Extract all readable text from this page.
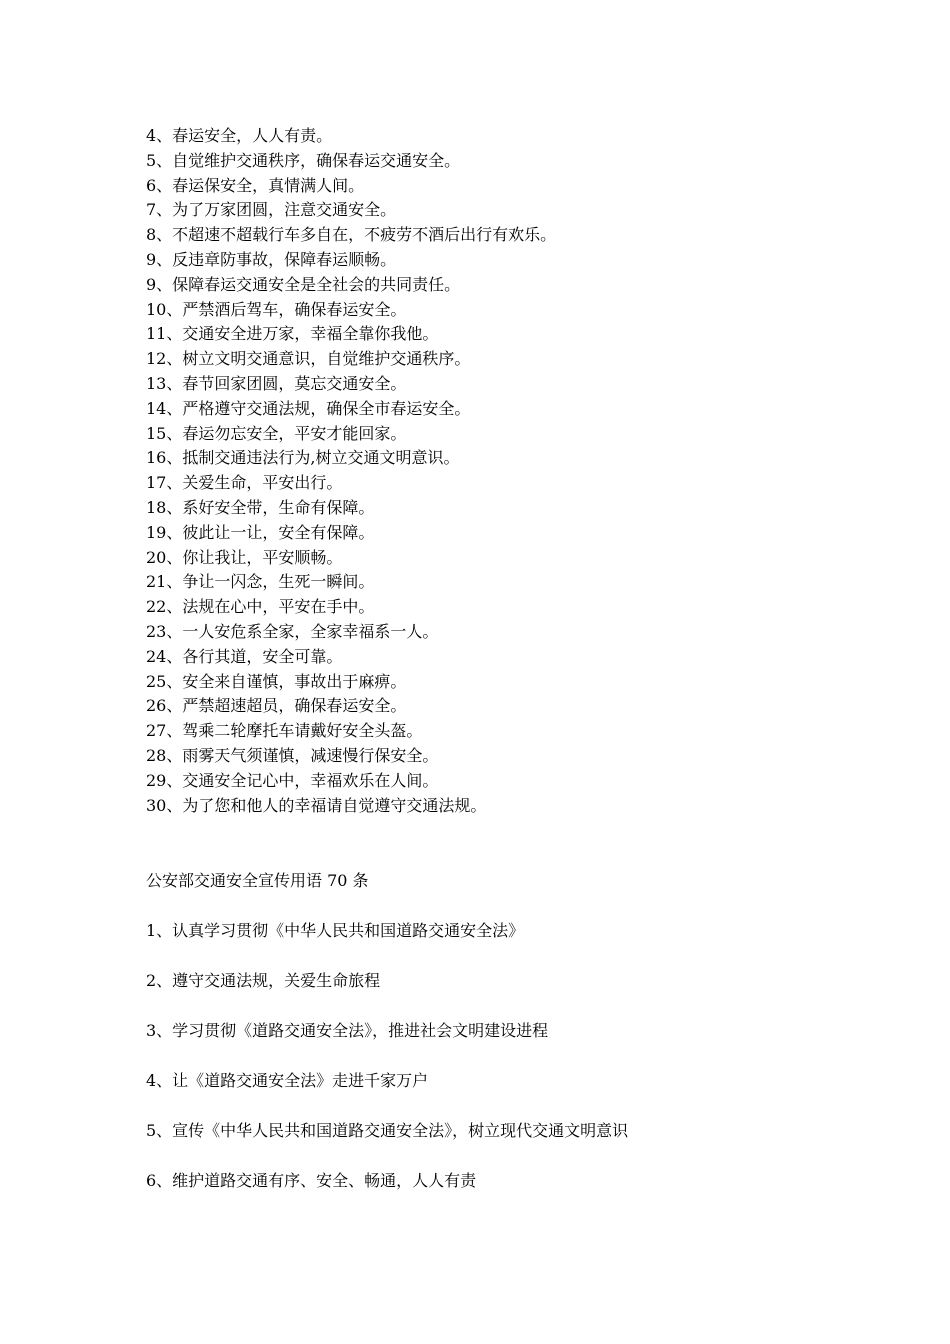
4、春运安全，人人有责。
5、自觉维护交通秩序，确保春运交通安全。
6、春运保安全，真情满人间。
7、为了万家团圆，注意交通安全。
8、不超速不超载行车多自在，不疲劳不酒后出行有欢乐。
9、反违章防事故，保障春运顺畅。
9、保障春运交通安全是全社会的共同责任。
10、严禁酒后驾车，确保春运安全。
11、交通安全进万家，幸福全靠你我他。
12、树立文明交通意识，自觉维护交通秩序。
13、春节回家团圆，莫忘交通安全。
14、严格遵守交通法规，确保全市春运安全。
15、春运勿忘安全，平安才能回家。
16、抵制交通违法行为,树立交通文明意识。
17、关爱生命，平安出行。
18、系好安全带，生命有保障。
19、彼此让一让，安全有保障。
20、你让我让，平安顺畅。
21、争让一闪念，生死一瞬间。
22、法规在心中，平安在手中。
23、一人安危系全家，全家幸福系一人。
24、各行其道，安全可靠。
25、安全来自谨慎，事故出于麻痹。
26、严禁超速超员，确保春运安全。
27、驾乘二轮摩托车请戴好安全头盔。
28、雨雾天气须谨慎，减速慢行保安全。
29、交通安全记心中，幸福欢乐在人间。
30、为了您和他人的幸福请自觉遵守交通法规。
公安部交通安全宣传用语 70 条
1、认真学习贯彻《中华人民共和国道路交通安全法》
2、遵守交通法规，关爱生命旅程
3、学习贯彻《道路交通安全法》，推进社会文明建设进程
4、让《道路交通安全法》走进千家万户
5、宣传《中华人民共和国道路交通安全法》，树立现代交通文明意识
6、维护道路交通有序、安全、畅通，人人有责
